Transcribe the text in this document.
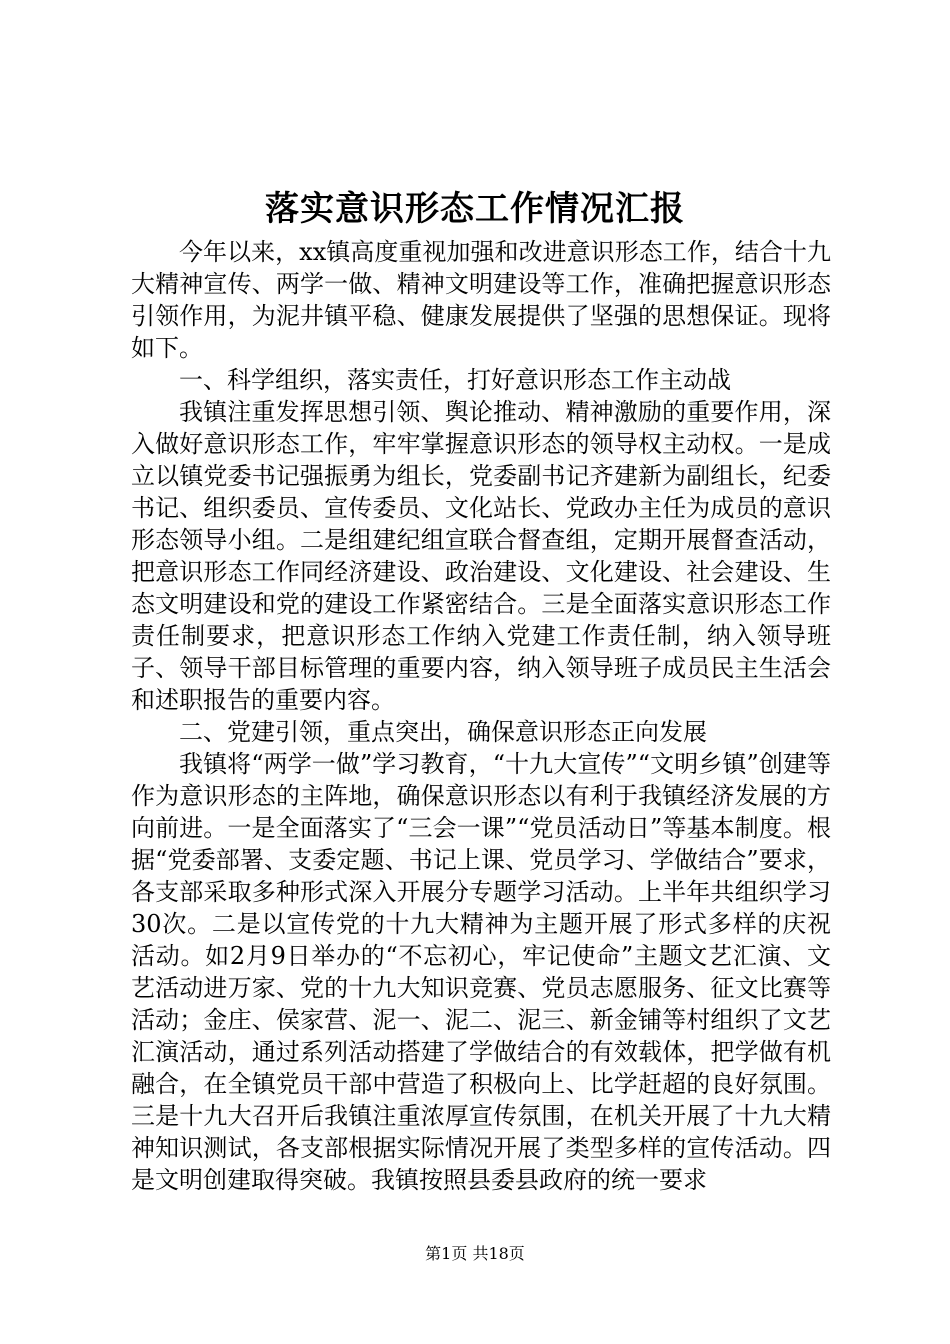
落实意识形态工作情况汇报

今年以来，xx镇高度重视加强和改进意识形态工作，结合十九大精神宣传、两学一做、精神文明建设等工作，准确把握意识形态引领作用，为泥井镇平稳、健康发展提供了坚强的思想保证。现将如下。

一、科学组织，落实责任，打好意识形态工作主动战

我镇注重发挥思想引领、舆论推动、精神激励的重要作用，深入做好意识形态工作，牢牢掌握意识形态的领导权主动权。一是成立以镇党委书记强振勇为组长，党委副书记齐建新为副组长，纪委书记、组织委员、宣传委员、文化站长、党政办主任为成员的意识形态领导小组。二是组建纪组宣联合督查组，定期开展督查活动，把意识形态工作同经济建设、政治建设、文化建设、社会建设、生态文明建设和党的建设工作紧密结合。三是全面落实意识形态工作责任制要求，把意识形态工作纳入党建工作责任制，纳入领导班子、领导干部目标管理的重要内容，纳入领导班子成员民主生活会和述职报告的重要内容。

二、党建引领，重点突出，确保意识形态正向发展

我镇将“两学一做”学习教育，“十九大宣传”“文明乡镇”创建等作为意识形态的主阵地，确保意识形态以有利于我镇经济发展的方向前进。一是全面落实了“三会一课”“党员活动日”等基本制度。根据“党委部署、支委定题、书记上课、党员学习、学做结合”要求，各支部采取多种形式深入开展分专题学习活动。上半年共组织学习30次。二是以宣传党的十九大精神为主题开展了形式多样的庆祝活动。如2月9日举办的“不忘初心，牢记使命”主题文艺汇演、文艺活动进万家、党的十九大知识竞赛、党员志愿服务、征文比赛等活动；金庄、侯家营、泥一、泥二、泥三、新金铺等村组织了文艺汇演活动，通过系列活动搭建了学做结合的有效载体，把学做有机融合，在全镇党员干部中营造了积极向上、比学赶超的良好氛围。三是十九大召开后我镇注重浓厚宣传氛围，在机关开展了十九大精神知识测试，各支部根据实际情况开展了类型多样的宣传活动。四是文明创建取得突破。我镇按照县委县政府的统一要求

第1页 共18页
